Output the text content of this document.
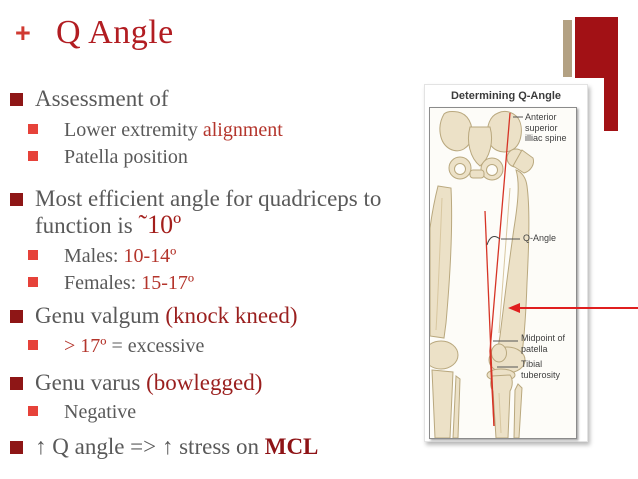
+ Q Angle
Assessment of
Lower extremity alignment
Patella position
Most efficient angle for quadriceps to function is ˜10º
Males: 10-14º
Females: 15-17º
Genu valgum (knock kneed)
> 17º = excessive
Genu varus (bowlegged)
Negative
↑ Q angle => ↑ stress on MCL
Determining Q-Angle
Anterior superior illiac spine
Q-Angle
Midpoint of patella
Tibial tuberosity
